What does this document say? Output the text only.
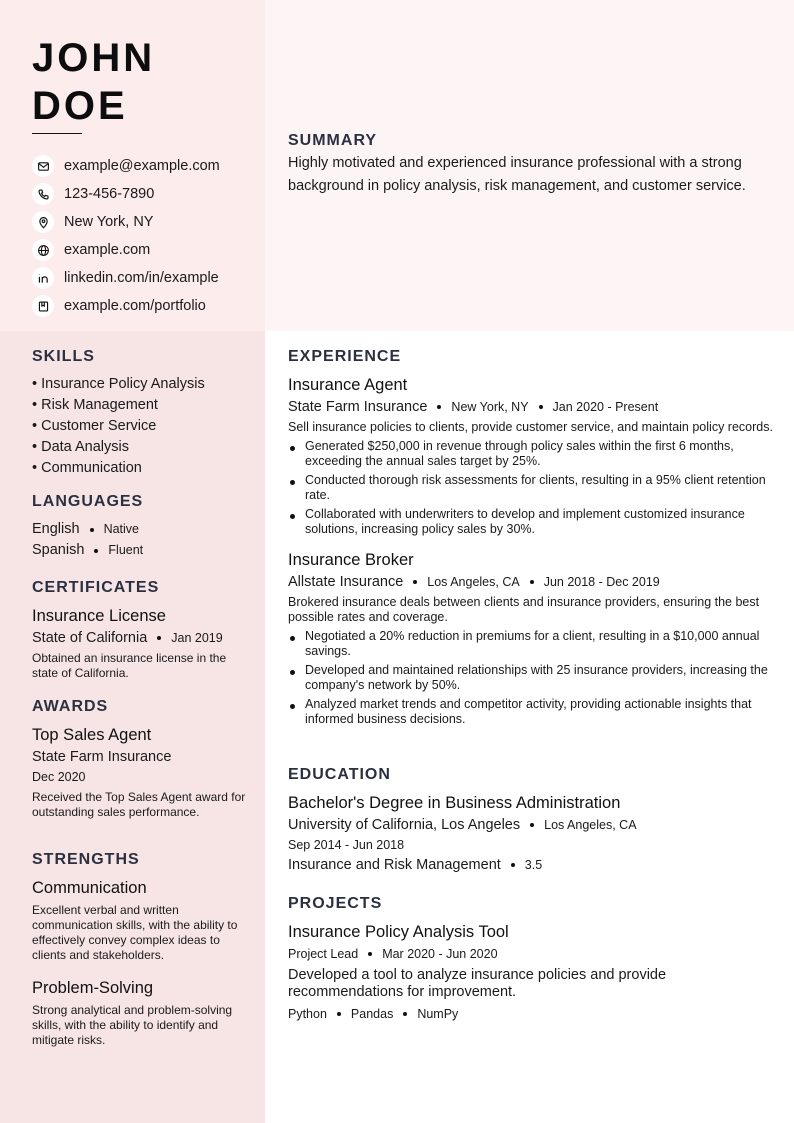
JOHN
DOE
example@example.com
123-456-7890
New York, NY
example.com
linkedin.com/in/example
example.com/portfolio
SUMMARY

Highly motivated and experienced insurance professional with a strong background in policy analysis, risk management, and customer service.

SKILLS
• Insurance Policy Analysis
• Risk Management
• Customer Service
• Data Analysis
• Communication
LANGUAGES
English Native
Spanish Fluent
CERTIFICATES
Insurance License
State of California Jan 2019
Obtained an insurance license in the state of California.
AWARDS
Top Sales Agent
State Farm Insurance
Dec 2020
Received the Top Sales Agent award for outstanding sales performance.
STRENGTHS
Communication
Excellent verbal and written communication skills, with the ability to effectively convey complex ideas to clients and stakeholders.
Problem-Solving
Strong analytical and problem-solving skills, with the ability to identify and mitigate risks.
EXPERIENCE
Insurance Agent
State Farm Insurance New York, NY Jan 2020 - Present
Sell insurance policies to clients, provide customer service, and maintain policy records.
Generated $250,000 in revenue through policy sales within the first 6 months, exceeding the annual sales target by 25%.
Conducted thorough risk assessments for clients, resulting in a 95% client retention rate.
Collaborated with underwriters to develop and implement customized insurance solutions, increasing policy sales by 30%.
Insurance Broker
Allstate Insurance Los Angeles, CA Jun 2018 - Dec 2019
Brokered insurance deals between clients and insurance providers, ensuring the best possible rates and coverage.
Negotiated a 20% reduction in premiums for a client, resulting in a $10,000 annual savings.
Developed and maintained relationships with 25 insurance providers, increasing the company's network by 50%.
Analyzed market trends and competitor activity, providing actionable insights that informed business decisions.
EDUCATION
Bachelor's Degree in Business Administration
University of California, Los Angeles Los Angeles, CA
Sep 2014 - Jun 2018
Insurance and Risk Management 3.5
PROJECTS
Insurance Policy Analysis Tool
Project Lead Mar 2020 - Jun 2020
Developed a tool to analyze insurance policies and provide recommendations for improvement.
Python Pandas NumPy
